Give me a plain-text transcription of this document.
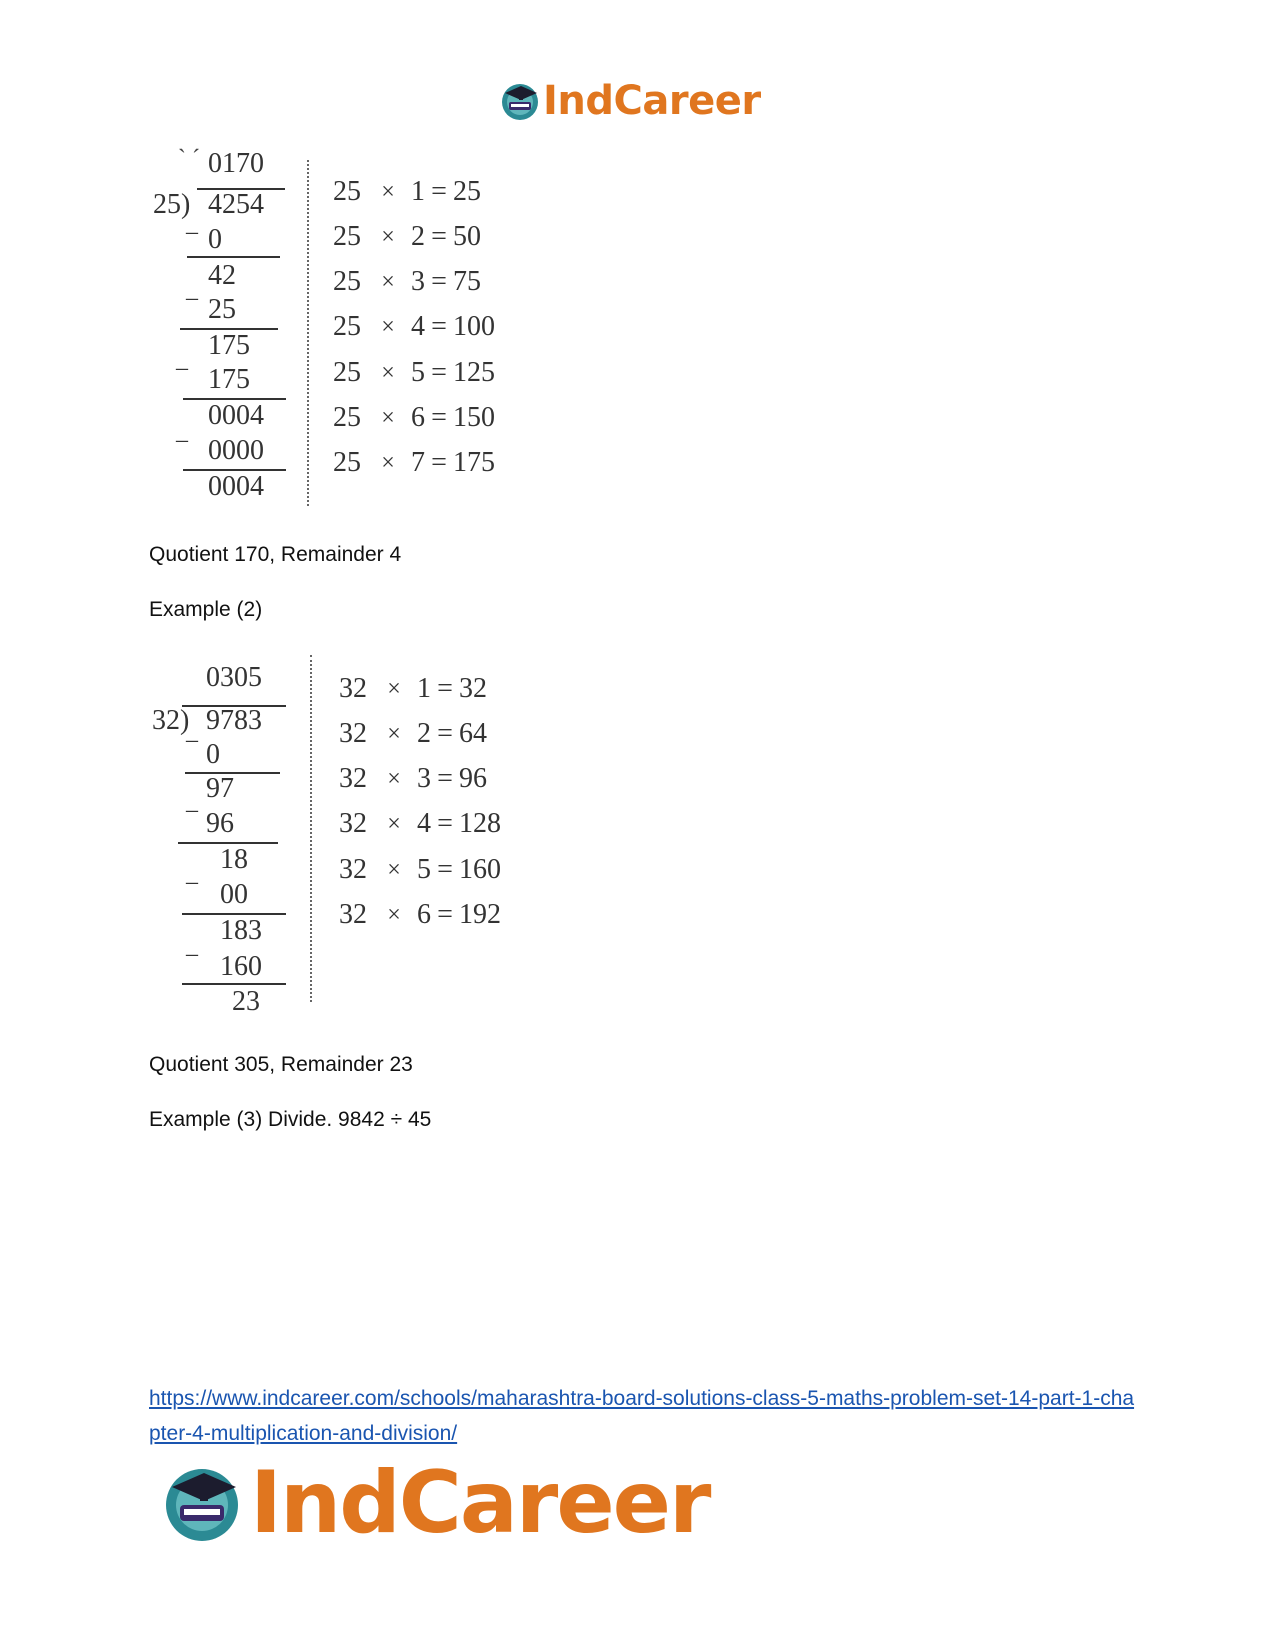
IndCareer
` ´ 0170
25) 4254
– 0
42
– 25
175
– 175
0004
– 0000
0004
25 × 1 = 25
25 × 2 = 50
25 × 3 = 75
25 × 4 = 100
25 × 5 = 125
25 × 6 = 150
25 × 7 = 175

Quotient 170, Remainder 4

Example (2)

0305
32) 9783
– 0
97
– 96
18
– 00
183
– 160
23
32 × 1 = 32
32 × 2 = 64
32 × 3 = 96
32 × 4 = 128
32 × 5 = 160
32 × 6 = 192

Quotient 305, Remainder 23

Example (3) Divide. 9842 ÷ 45

https://www.indcareer.com/schools/maharashtra-board-solutions-class-5-maths-problem-set-14-part-1-chapter-4-multiplication-and-division/
IndCareer
